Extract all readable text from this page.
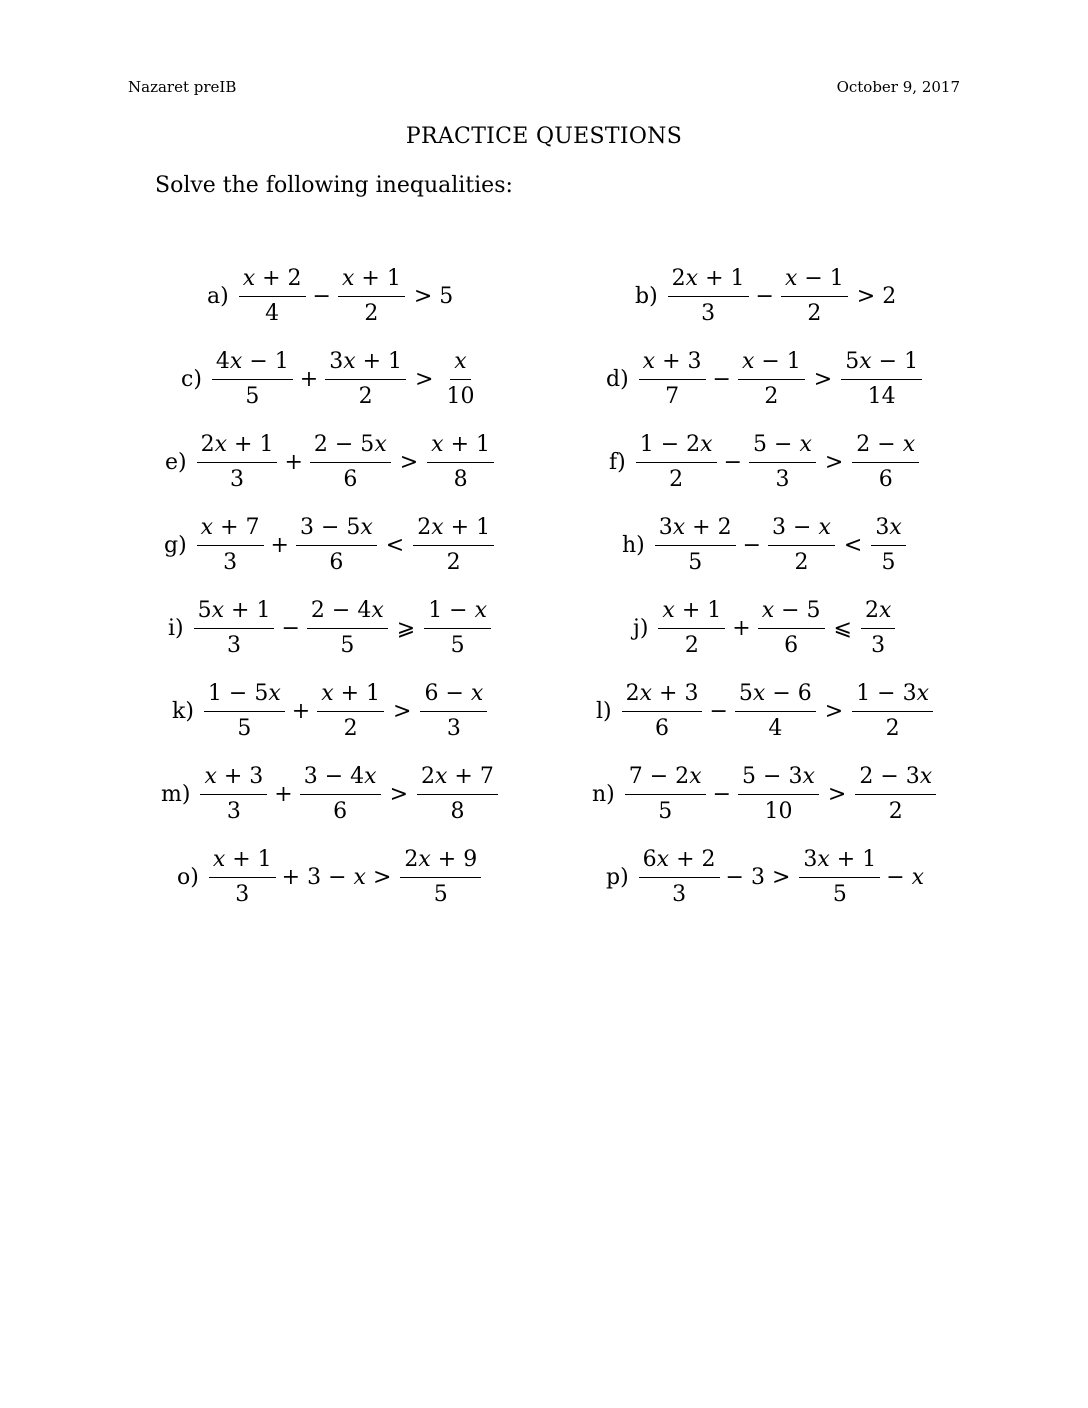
Nazaret preIB	October 9, 2017
PRACTICE QUESTIONS
Solve the following inequalities:
$a) \frac{x + 2}{4} - \frac{x + 1}{2} > 5$	$b) \frac{2x + 1}{3} - \frac{x - 1}{2} > 2$
$c) \frac{4x - 1}{5} + \frac{3x + 1}{2} > \frac{x}{10}$	$d) \frac{x + 3}{7} - \frac{x - 1}{2} > \frac{5x - 1}{14}$
$e) \frac{2x + 1}{3} + \frac{2 - 5x}{6} > \frac{x + 1}{8}$	$f) \frac{1 - 2x}{2} - \frac{5 - x}{3} > \frac{2 - x}{6}$
$g) \frac{x + 7}{3} + \frac{3 - 5x}{6} < \frac{2x + 1}{2}$	$h) \frac{3x + 2}{5} - \frac{3 - x}{2} < \frac{3x}{5}$
$i) \frac{5x + 1}{3} - \frac{2 - 4x}{5}$ ⩾ $\frac{1 - x}{5}$	$j) \frac{x + 1}{2} + \frac{x - 5}{6}$ ⩽ $\frac{2x}{3}$
$k) \frac{1 - 5x}{5} + \frac{x + 1}{2} > \frac{6 - x}{3}$	$l) \frac{2x + 3}{6} - \frac{5x - 6}{4} > \frac{1 - 3x}{2}$
$m) \frac{x + 3}{3} + \frac{3 - 4x}{6} > \frac{2x + 7}{8}$	$n) \frac{7 - 2x}{5} - \frac{5 - 3x}{10} > \frac{2 - 3x}{2}$
$o) \frac{x + 1}{3} + 3 - x > \frac{2x + 9}{5}$	$p) \frac{6x + 2}{3} - 3 > \frac{3x + 1}{5} - x$
